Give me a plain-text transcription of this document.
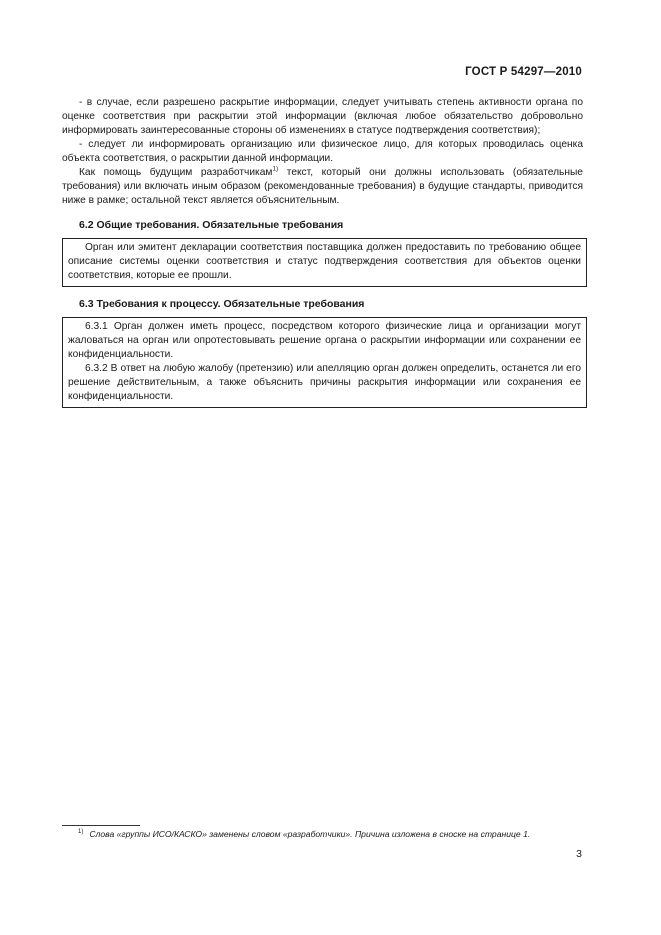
ГОСТ Р 54297—2010

- в случае, если разрешено раскрытие информации, следует учитывать степень активности органа по оценке соответствия при раскрытии этой информации (включая любое обязательство добровольно информировать заинтересованные стороны об изменениях в статусе подтверждения соответствия);

- следует ли информировать организацию или физическое лицо, для которых проводилась оценка объекта соответствия, о раскрытии данной информации.

Как помощь будущим разработчикам$^{1)}$ текст, который они должны использовать (обязательные требования) или включать иным образом (рекомендованные требования) в будущие стандарты, приводится ниже в рамке; остальной текст является объяснительным.

6.2 Общие требования. Обязательные требования

Орган или эмитент декларации соответствия поставщика должен предоставить по требованию общее описание системы оценки соответствия и статус подтверждения соответствия для объектов оценки соответствия, которые ее прошли.

6.3 Требования к процессу. Обязательные требования

6.3.1 Орган должен иметь процесс, посредством которого физические лица и организации могут жаловаться на орган или опротестовывать решение органа о раскрытии информации или сохранении ее конфиденциальности.

6.3.2 В ответ на любую жалобу (претензию) или апелляцию орган должен определить, останется ли его решение действительным, а также объяснить причины раскрытия информации или сохранения ее конфиденциальности.

$^{1)}$ Слова «группы ИСО/КАСКО» заменены словом «разработчики». Причина изложена в сноске на странице 1.
3
